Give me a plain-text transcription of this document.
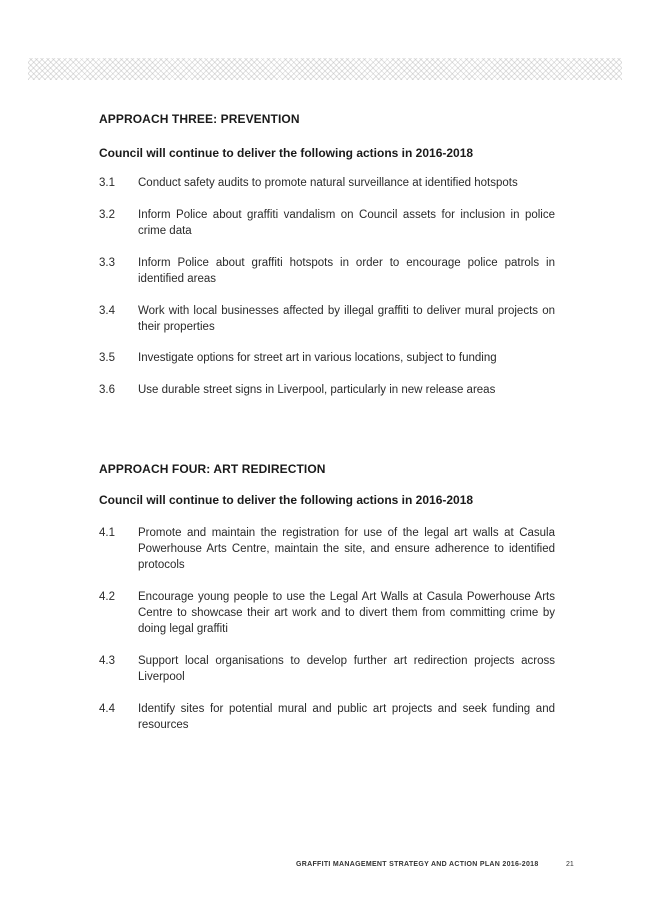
APPROACH THREE: PREVENTION
Council will continue to deliver the following actions in 2016-2018
3.1	Conduct safety audits to promote natural surveillance at identified hotspots
3.2	Inform Police about graffiti vandalism on Council assets for inclusion in police crime data
3.3	Inform Police about graffiti hotspots in order to encourage police patrols in identified areas
3.4	Work with local businesses affected by illegal graffiti to deliver mural projects on their properties
3.5	Investigate options for street art in various locations, subject to funding
3.6	Use durable street signs in Liverpool, particularly in new release areas
APPROACH FOUR: ART REDIRECTION
Council will continue to deliver the following actions in 2016-2018
4.1	Promote and maintain the registration for use of the legal art walls at Casula Powerhouse Arts Centre, maintain the site, and ensure adherence to identified protocols
4.2	Encourage young people to use the Legal Art Walls at Casula Powerhouse Arts Centre to showcase their art work and to divert them from committing crime by doing legal graffiti
4.3	Support local organisations to develop further art redirection projects across Liverpool
4.4	Identify sites for potential mural and public art projects and seek funding and resources
GRAFFITI MANAGEMENT STRATEGY AND ACTION PLAN 2016-2018	21
